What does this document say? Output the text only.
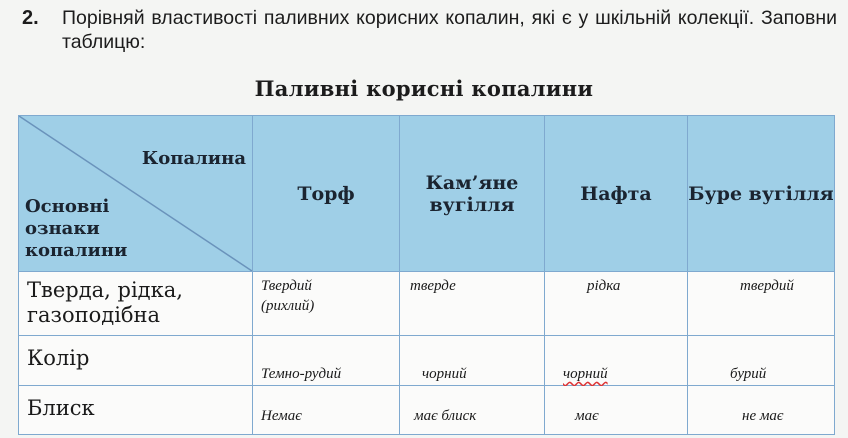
2. Порівняй властивості паливних корисних копалин, які є у шкільній колекції. Заповни таблицю:
Паливні корисні копалини
Копалина
Основні ознаки копалини	Торф	Кам’яне вугілля	Нафта	Буре вугілля

Тверда, рідка, газоподібна	Твердий (рихлий)	тверде	рідка	твердий

Колір	Темно-рудий	чорний	чорний	бурий

Блиск	Немає	має блиск	має	не має
